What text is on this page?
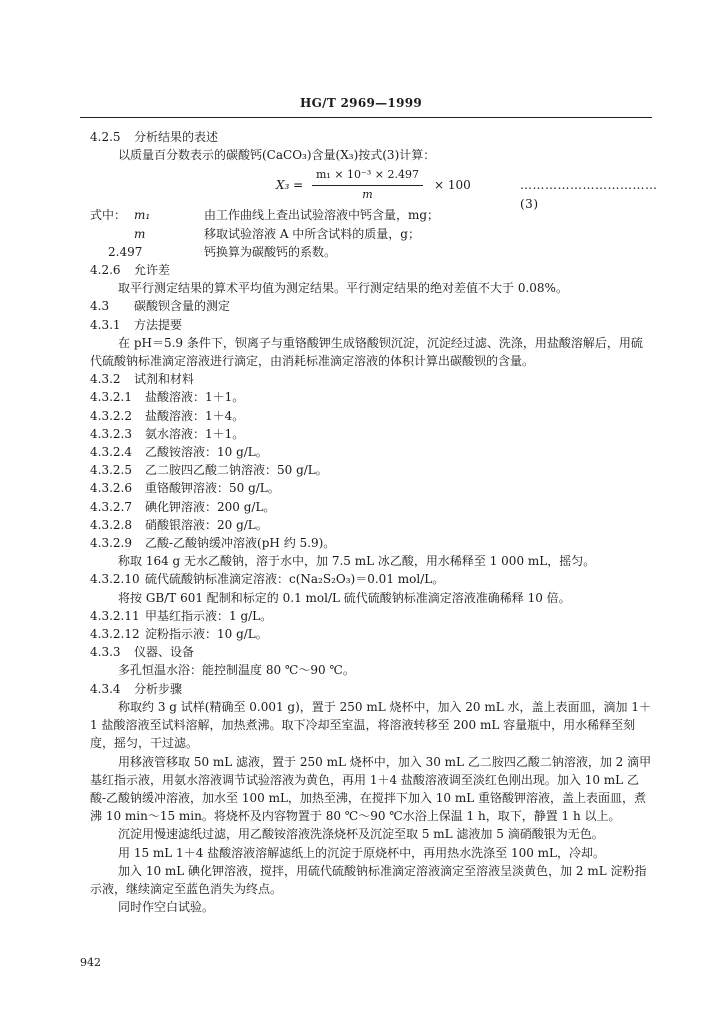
HG/T 2969—1999
4.2.5 分析结果的表述
以质量百分数表示的碳酸钙(CaCO₃)含量(X₃)按式(3)计算：
$X_3 = \frac{\text{m₁ × 10⁻³ × 2.497}}{m} \times 100$	……………………………(3)
式中： m₁	由工作曲线上查出试验溶液中钙含量，mg；
m	移取试验溶液 A 中所含试料的质量，g；
2.497	钙换算为碳酸钙的系数。
4.2.6 允许差
取平行测定结果的算术平均值为测定结果。平行测定结果的绝对差值不大于 0.08%。
4.3 碳酸钡含量的测定
4.3.1 方法提要
在 pH＝5.9 条件下，钡离子与重铬酸钾生成铬酸钡沉淀，沉淀经过滤、洗涤，用盐酸溶解后，用硫代硫酸钠标准滴定溶液进行滴定，由消耗标准滴定溶液的体积计算出碳酸钡的含量。
4.3.2 试剂和材料
4.3.2.1 盐酸溶液：1＋1。
4.3.2.2 盐酸溶液：1＋4。
4.3.2.3 氨水溶液：1＋1。
4.3.2.4 乙酸铵溶液：10 g/L。
4.3.2.5 乙二胺四乙酸二钠溶液：50 g/L。
4.3.2.6 重铬酸钾溶液：50 g/L。
4.3.2.7 碘化钾溶液：200 g/L。
4.3.2.8 硝酸银溶液：20 g/L。
4.3.2.9 乙酸-乙酸钠缓冲溶液(pH 约 5.9)。
称取 164 g 无水乙酸钠，溶于水中，加 7.5 mL 冰乙酸，用水稀释至 1 000 mL，摇匀。
4.3.2.10 硫代硫酸钠标准滴定溶液：c(Na₂S₂O₃)＝0.01 mol/L。
将按 GB/T 601 配制和标定的 0.1 mol/L 硫代硫酸钠标准滴定溶液准确稀释 10 倍。
4.3.2.11 甲基红指示液：1 g/L。
4.3.2.12 淀粉指示液：10 g/L。
4.3.3 仪器、设备
多孔恒温水浴：能控制温度 80 ℃～90 ℃。
4.3.4 分析步骤
称取约 3 g 试样(精确至 0.001 g)，置于 250 mL 烧杯中，加入 20 mL 水，盖上表面皿，滴加 1＋1 盐酸溶液至试料溶解，加热煮沸。取下冷却至室温，将溶液转移至 200 mL 容量瓶中，用水稀释至刻度，摇匀，干过滤。
用移液管移取 50 mL 滤液，置于 250 mL 烧杯中，加入 30 mL 乙二胺四乙酸二钠溶液，加 2 滴甲基红指示液，用氨水溶液调节试验溶液为黄色，再用 1＋4 盐酸溶液调至淡红色刚出现。加入 10 mL 乙酸-乙酸钠缓冲溶液，加水至 100 mL，加热至沸，在搅拌下加入 10 mL 重铬酸钾溶液，盖上表面皿，煮沸 10 min～15 min。将烧杯及内容物置于 80 ℃～90 ℃水浴上保温 1 h，取下，静置 1 h 以上。
沉淀用慢速滤纸过滤，用乙酸铵溶液洗涤烧杯及沉淀至取 5 mL 滤液加 5 滴硝酸银为无色。
用 15 mL 1＋4 盐酸溶液溶解滤纸上的沉淀于原烧杯中，再用热水洗涤至 100 mL，冷却。
加入 10 mL 碘化钾溶液，搅拌，用硫代硫酸钠标准滴定溶液滴定至溶液呈淡黄色，加 2 mL 淀粉指示液，继续滴定至蓝色消失为终点。
同时作空白试验。
942
